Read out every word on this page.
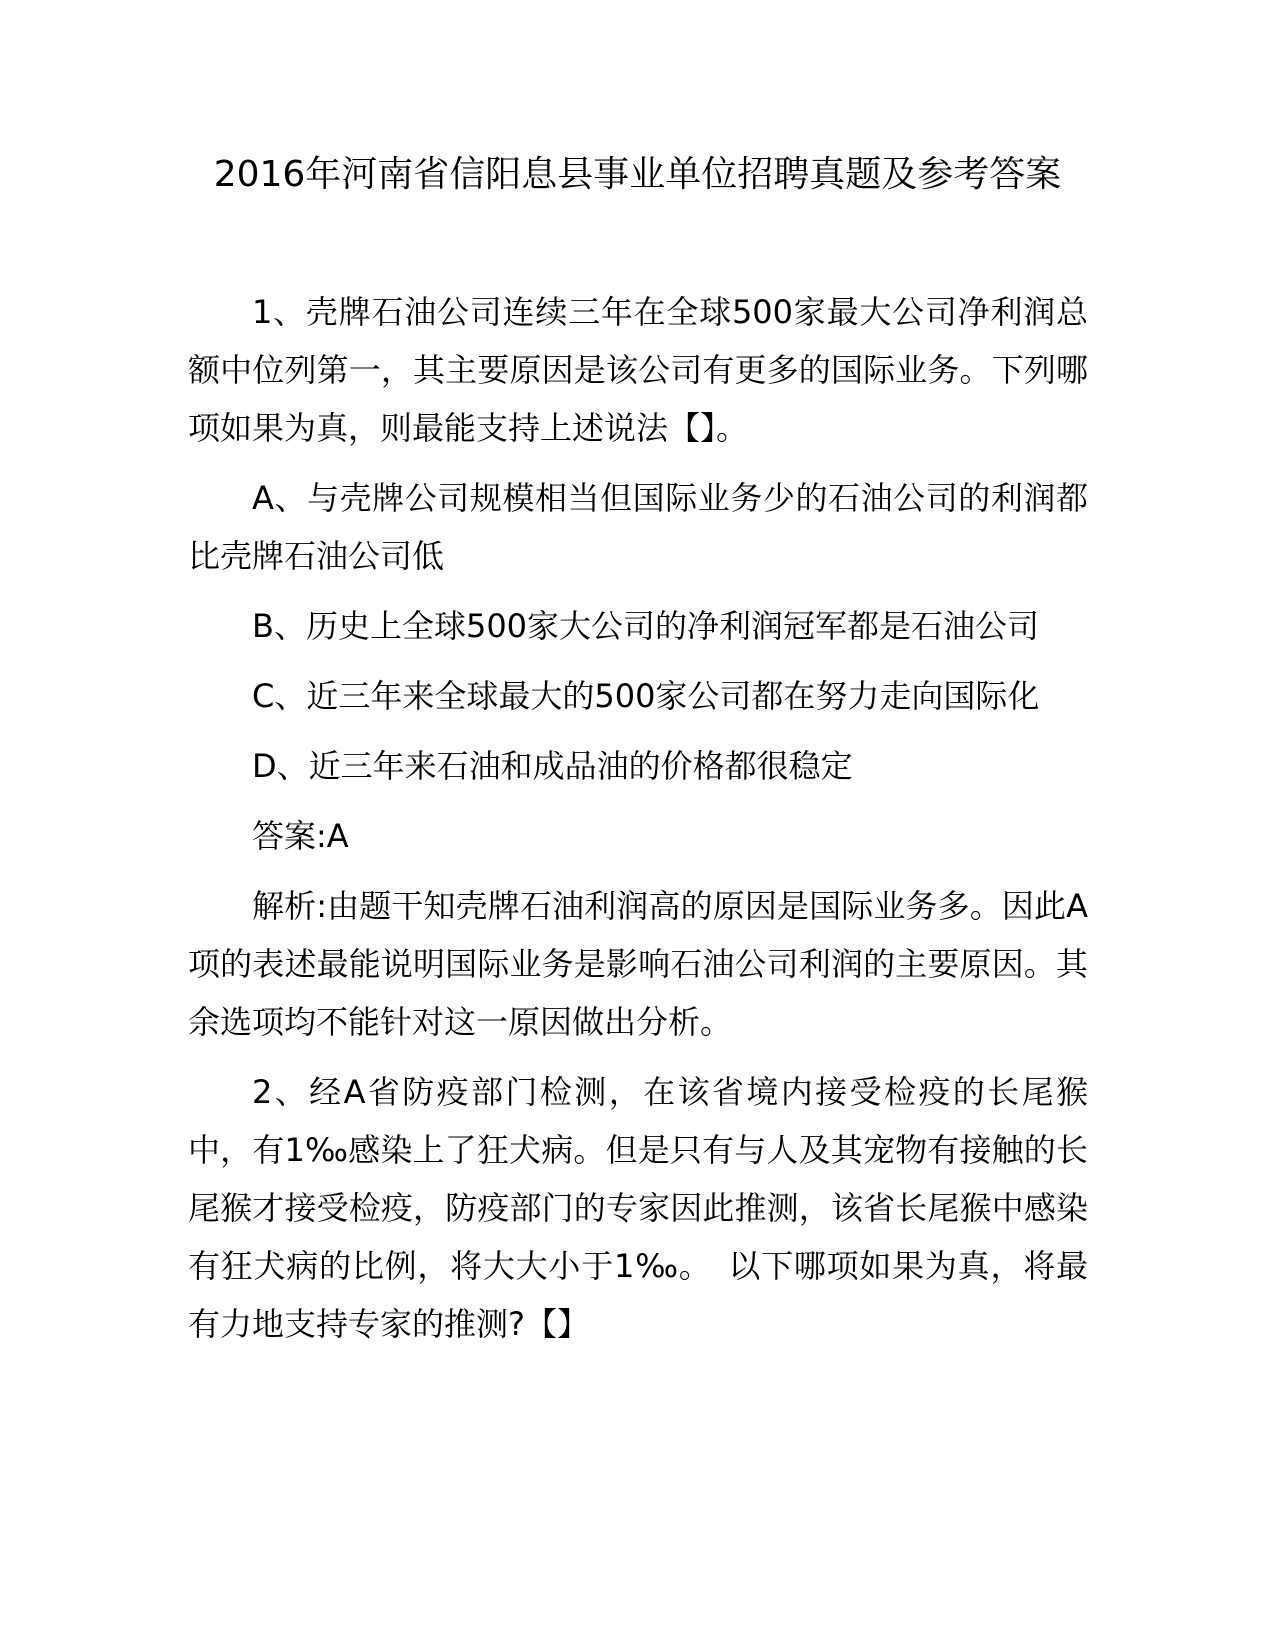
2016年河南省信阳息县事业单位招聘真题及参考答案

1、壳牌石油公司连续三年在全球500家最大公司净利润总额中位列第一，其主要原因是该公司有更多的国际业务。下列哪项如果为真，则最能支持上述说法【】。

A、与壳牌公司规模相当但国际业务少的石油公司的利润都比壳牌石油公司低

B、历史上全球500家大公司的净利润冠军都是石油公司

C、近三年来全球最大的500家公司都在努力走向国际化

D、近三年来石油和成品油的价格都很稳定

答案:A

解析:由题干知壳牌石油利润高的原因是国际业务多。因此A项的表述最能说明国际业务是影响石油公司利润的主要原因。其余选项均不能针对这一原因做出分析。

2、经A省防疫部门检测，在该省境内接受检疫的长尾猴中，有1‰感染上了狂犬病。但是只有与人及其宠物有接触的长尾猴才接受检疫，防疫部门的专家因此推测，该省长尾猴中感染有狂犬病的比例，将大大小于1‰。　以下哪项如果为真，将最有力地支持专家的推测?【】
